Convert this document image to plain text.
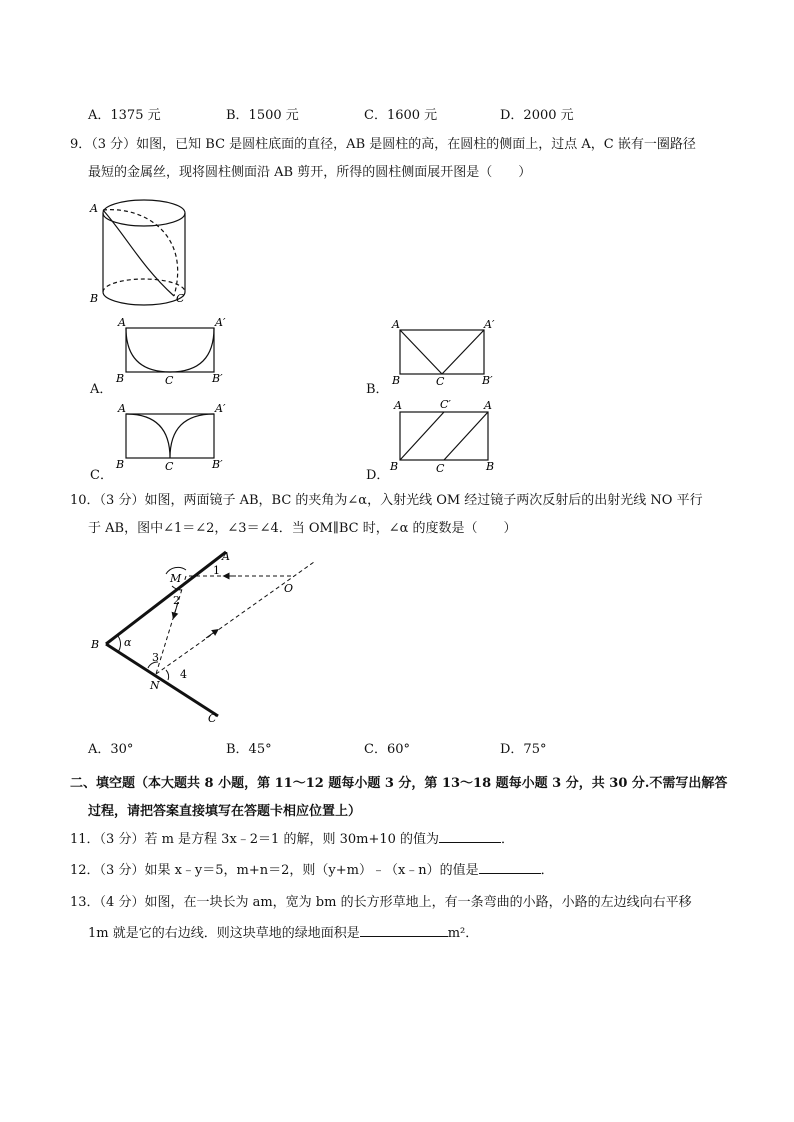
A．1375 元	B．1500 元	C．1600 元	D．2000 元
9．（3 分）如图，已知 BC 是圆柱底面的直径，AB 是圆柱的高，在圆柱的侧面上，过点 A，C 嵌有一圈路径
最短的金属丝，现将圆柱侧面沿 AB 剪开，所得的圆柱侧面展开图是（　　）
A
B	C
A．
A	A′
B	C	B′
B．
A	A′
B	C	B′
C．
A	A′
B	C	B′
D．
A	C′	A
B	C	B
10．（3 分）如图，两面镜子 AB，BC 的夹角为∠α，入射光线 OM 经过镜子两次反射后的出射光线 NO 平行
于 AB，图中∠1＝∠2，∠3＝∠4．当 OM∥BC 时，∠α 的度数是（　　）
A
M
O
B α
N
C
1
2
3
4
A．30°	B．45°	C．60°	D．75°
二、填空题（本大题共 8 小题，第 11～12 题每小题 3 分，第 13～18 题每小题 3 分，共 30 分.不需写出解答
过程，请把答案直接填写在答题卡相应位置上）
11．（3 分）若 m 是方程 3x﹣2＝1 的解，则 30m+10 的值为	．
12．（3 分）如果 x﹣y＝5，m+n＝2，则（y+m）﹣（x﹣n）的值是	．
13．（4 分）如图，在一块长为 am，宽为 bm 的长方形草地上，有一条弯曲的小路，小路的左边线向右平移
1m 就是它的右边线．则这块草地的绿地面积是	m²．
